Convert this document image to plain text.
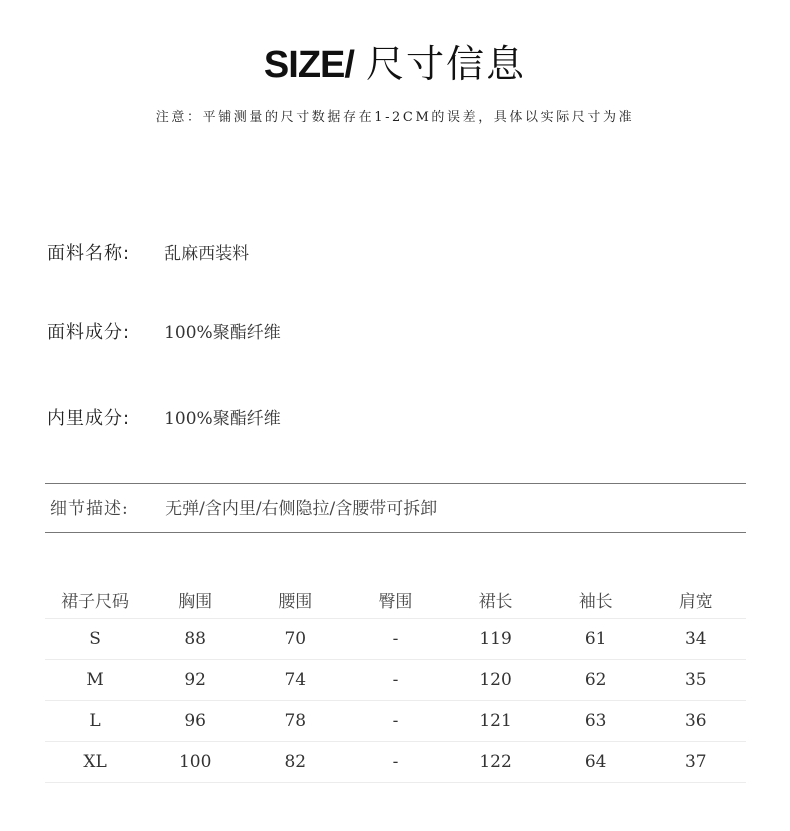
SIZE/ 尺寸信息
注意：平铺测量的尺寸数据存在1-2CM的误差，具体以实际尺寸为准
面料名称: 乱麻西装料
面料成分: 100%聚酯纤维
内里成分: 100%聚酯纤维
细节描述: 无弹/含内里/右侧隐拉/含腰带可拆卸
裙子尺码	胸围	腰围	臀围	裙长	袖长	肩宽
S	88	70	-	119	61	34
M	92	74	-	120	62	35
L	96	78	-	121	63	36
XL	100	82	-	122	64	37
